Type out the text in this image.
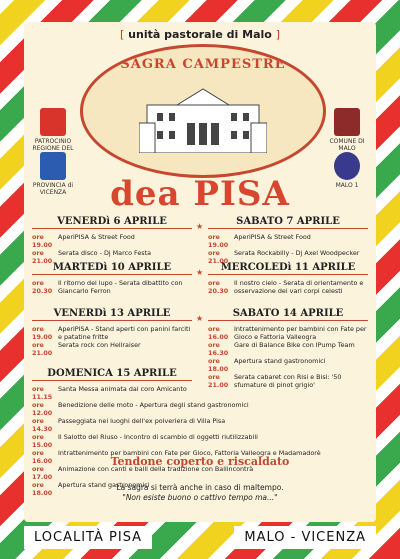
[ unità pastorale di Malo ]
SAGRA CAMPESTRE
PATROCINIO REGIONE DEL
PROVINCIA di VICENZA
COMUNE DI MALO
MALO 1
dea PISA
VENERDì 6 APRILE
ore 19.00
AperiPISA & Street Food
ore 21.00
Serata disco - Dj Marco Festa
SABATO 7 APRILE
ore 19.00
AperiPISA & Street Food
ore 21.00
Serata Rockabilly - Dj Axel Woodpecker
MARTEDì 10 APRILE
ore 20.30
Il ritorno del lupo - Serata dibattito con Giancarlo Ferron
MERCOLEDì 11 APRILE
ore 20.30
Il nostro cielo - Serata di orientamento e osservazione dei vari corpi celesti
VENERDì 13 APRILE
ore 19.00
AperiPISA - Stand aperti con panini farciti e patatine fritte
ore 21.00
Serata rock con Hellraiser
SABATO 14 APRILE
ore 16.00
Intrattenimento per bambini con Fate per Gioco e Fattoria Valleogra
ore 16.30
Gare di Balance Bike con IPump Team
ore 18.00
Apertura stand gastronomici
ore 21.00
Serata cabaret con Risi e Bisi: '50 sfumature di pinot grigio'
DOMENICA 15 APRILE
ore 11.15
Santa Messa animata dal coro Amicanto
ore 12.00
Benedizione delle moto - Apertura degli stand gastronomici
ore 14.30
Passeggiata nei luoghi dell'ex polveriera di Villa Pisa
ore 15.00
Il Salotto del Riuso - Incontro di scambio di oggetti riutilizzabili
ore 16.00
Intrattenimento per bambini con Fate per Gioco, Fattoria Valleogra e Madamadorè
ore 17.00
Animazione con canti e balli della tradizione con Ballincontrà
ore 18.00
Apertura stand gastronomici
★
★
★
Tendone coperto e riscaldato
La sagra si terrà anche in caso di maltempo.
"Non esiste buono o cattivo tempo ma..."
LOCALITÀ PISA	MALO - VICENZA
